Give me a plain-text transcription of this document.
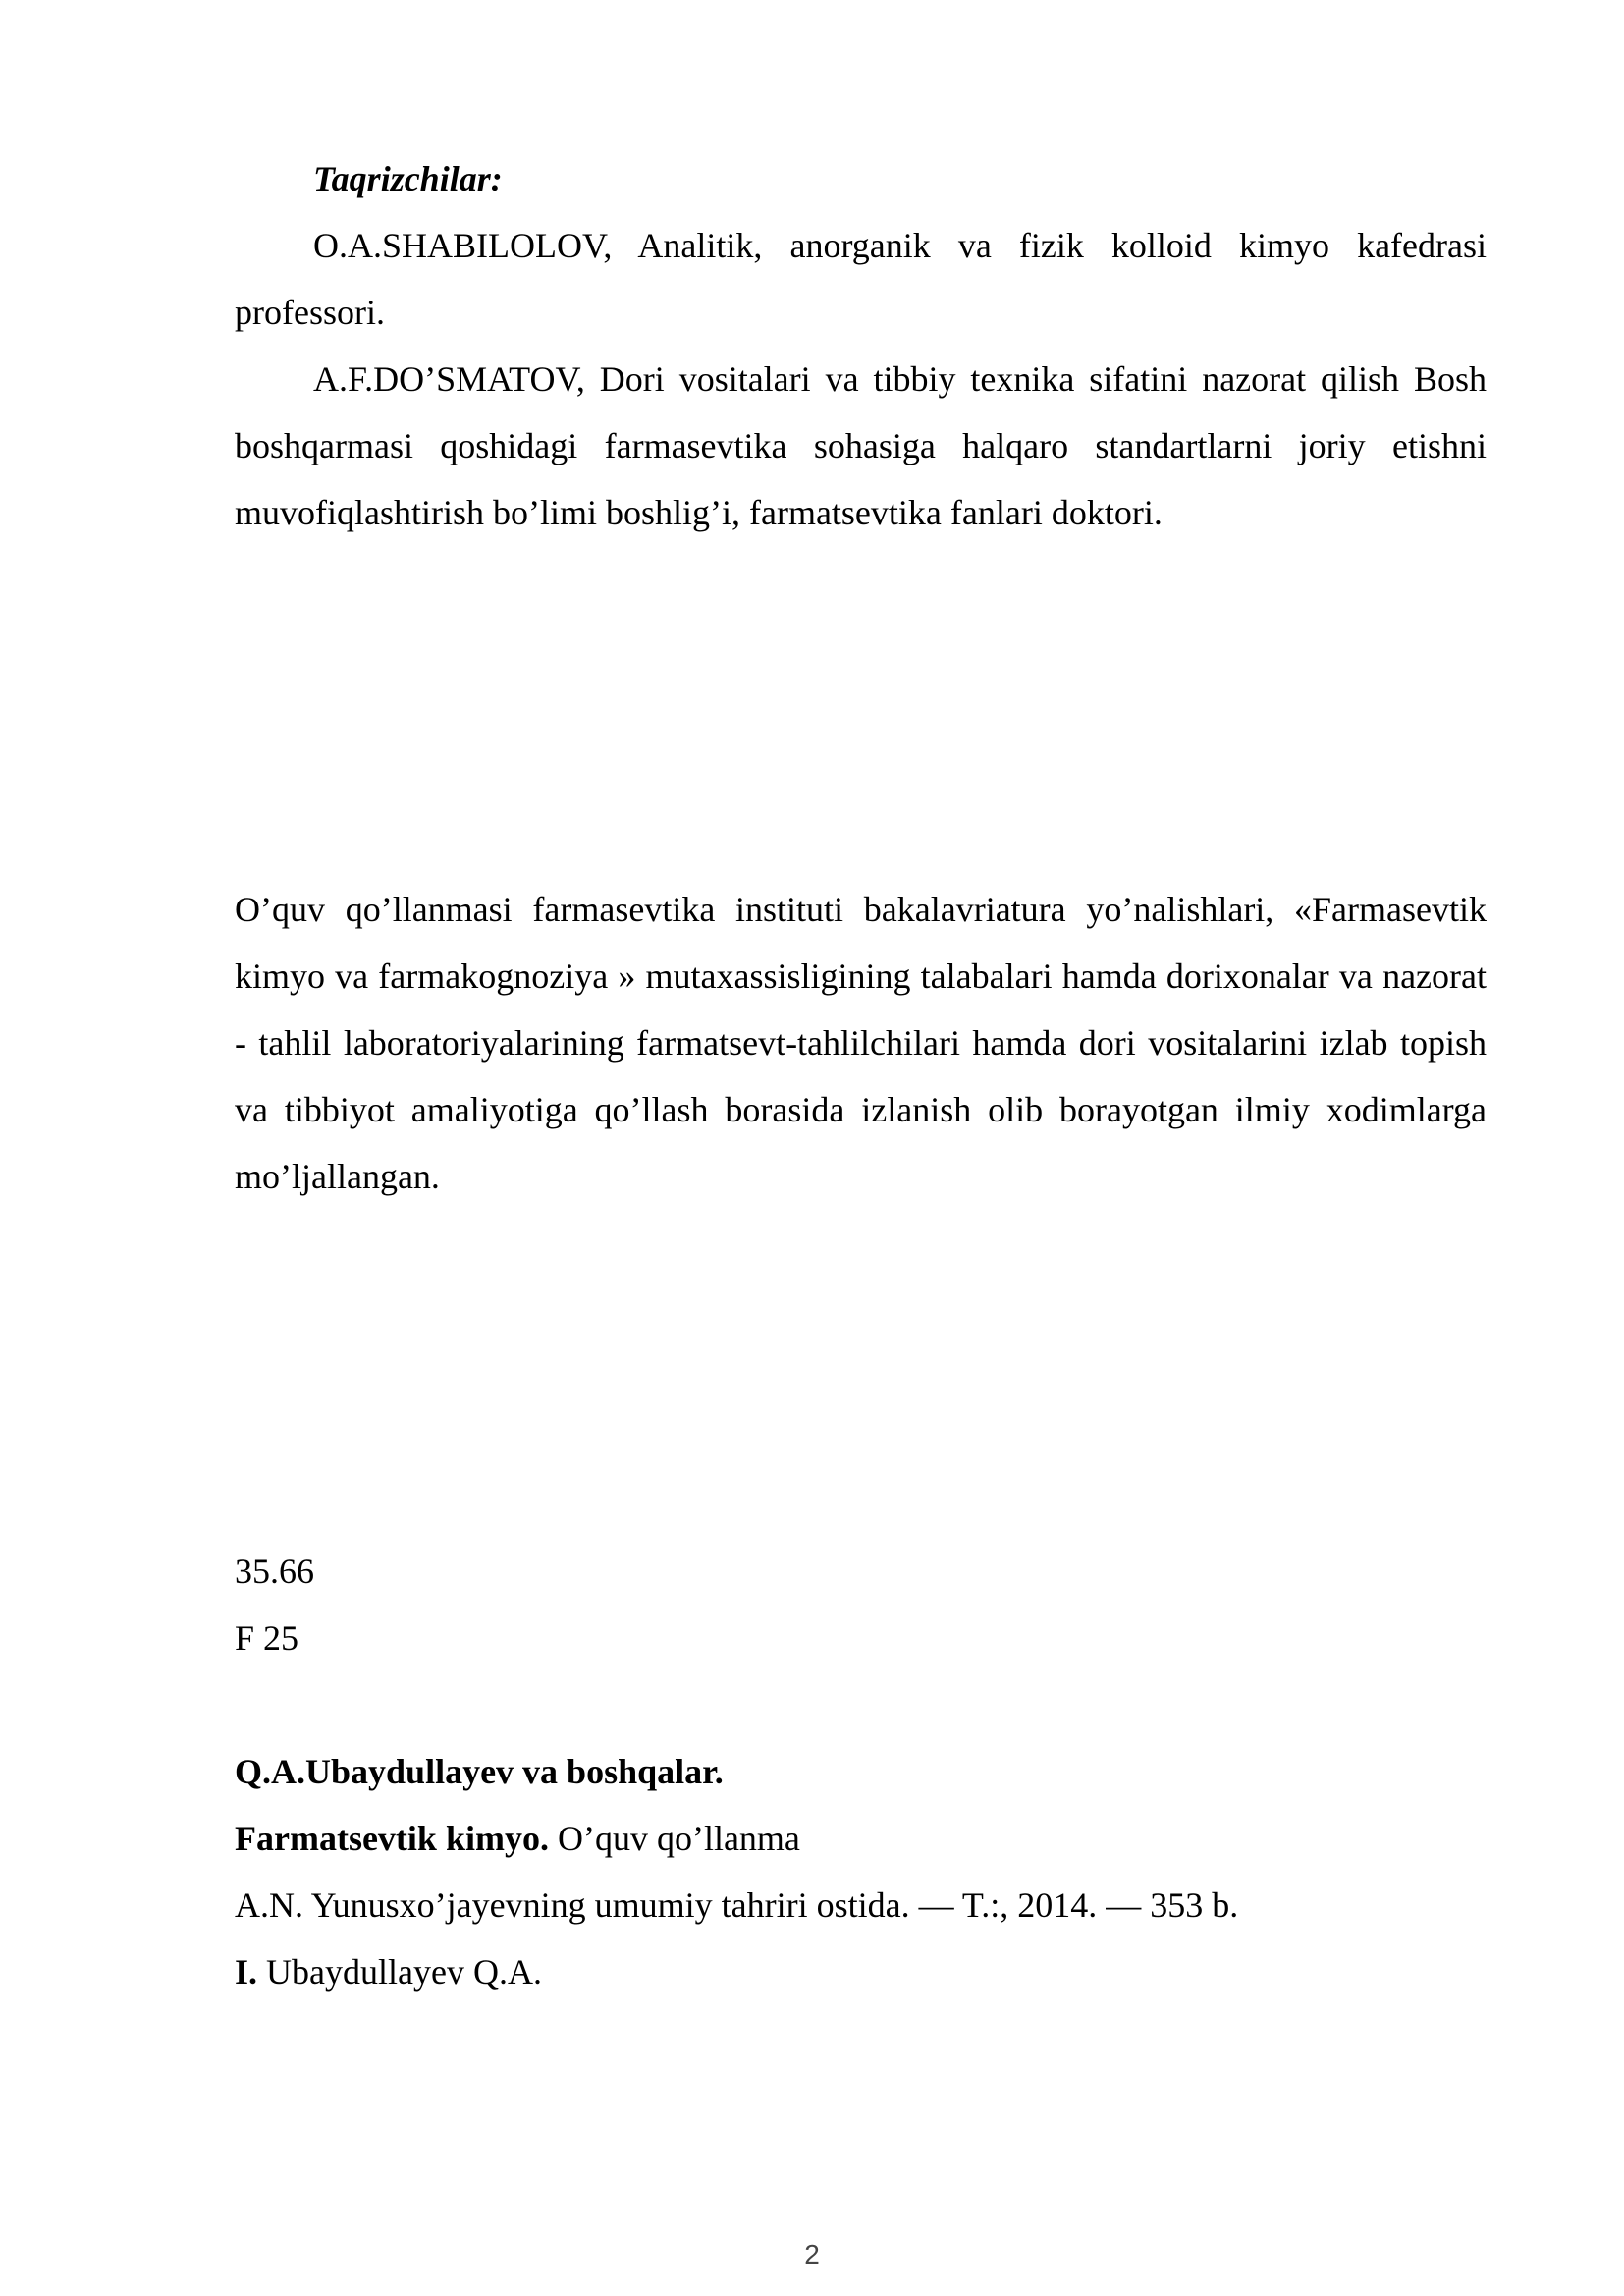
Taqrizchilar:

O.A.SHABILOLOV, Analitik, anorganik va fizik kolloid kimyo kafedrasi professori.

A.F.DO’SMATOV, Dori vositalari va tibbiy texnika sifatini nazorat qilish Bosh boshqarmasi qoshidagi farmasevtika sohasiga halqaro standartlarni joriy etishni muvofiqlashtirish bo’limi boshlig’i, farmatsevtika fanlari doktori.

O’quv qo’llanmasi farmasevtika instituti bakalavriatura yo’nalishlari, «Farmasevtik kimyo va farmakognoziya » mutaxassisligining talabalari hamda dorixonalar va nazorat - tahlil laboratoriyalarining farmatsevt-tahlilchilari hamda dori vositalarini izlab topish va tibbiyot amaliyotiga qo’llash borasida izlanish olib borayotgan ilmiy xodimlarga mo’ljallangan.

35.66

F 25

Q.A.Ubaydullayev va boshqalar.

Farmatsevtik kimyo. O’quv qo’llanma

A.N. Yunusxo’jayevning umumiy tahriri ostida. — T.:, 2014. — 353 b.

I. Ubaydullayev Q.A.

2
